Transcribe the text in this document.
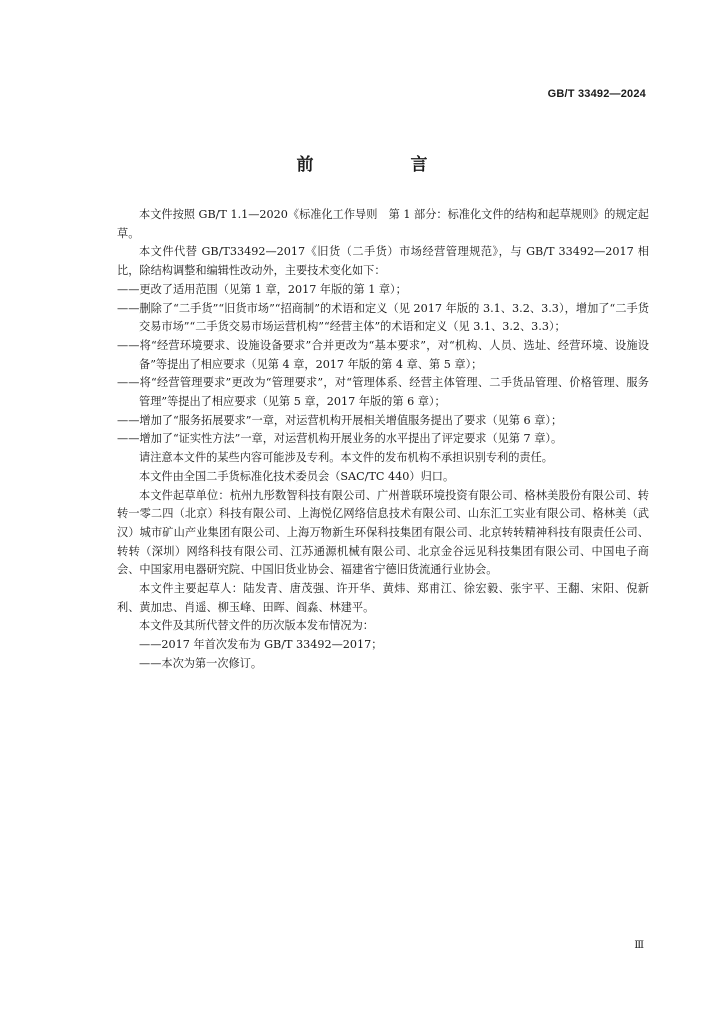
GB/T 33492—2024
前　言

本文件按照 GB/T 1.1—2020《标准化工作导则　第 1 部分：标准化文件的结构和起草规则》的规定起草。

本文件代替 GB/T33492—2017《旧货（二手货）市场经营管理规范》，与 GB/T 33492—2017 相比，除结构调整和编辑性改动外，主要技术变化如下：

——更改了适用范围（见第 1 章，2017 年版的第 1 章）；

——删除了“二手货”“旧货市场”“招商制”的术语和定义（见 2017 年版的 3.1、3.2、3.3），增加了“二手货交易市场”“二手货交易市场运营机构”“经营主体”的术语和定义（见 3.1、3.2、3.3）；

——将“经营环境要求、设施设备要求”合并更改为“基本要求”，对“机构、人员、选址、经营环境、设施设备”等提出了相应要求（见第 4 章，2017 年版的第 4 章、第 5 章）；

——将“经营管理要求”更改为“管理要求”，对“管理体系、经营主体管理、二手货品管理、价格管理、服务管理”等提出了相应要求（见第 5 章，2017 年版的第 6 章）；

——增加了“服务拓展要求”一章，对运营机构开展相关增值服务提出了要求（见第 6 章）；

——增加了“证实性方法”一章，对运营机构开展业务的水平提出了评定要求（见第 7 章）。

请注意本文件的某些内容可能涉及专利。本文件的发布机构不承担识别专利的责任。

本文件由全国二手货标准化技术委员会（SAC/TC 440）归口。

本文件起草单位：杭州九彤数智科技有限公司、广州普联环境投资有限公司、格林美股份有限公司、转转一零二四（北京）科技有限公司、上海悦亿网络信息技术有限公司、山东汇工实业有限公司、格林美（武汉）城市矿山产业集团有限公司、上海万物新生环保科技集团有限公司、北京转转精神科技有限责任公司、转转（深圳）网络科技有限公司、江苏通源机械有限公司、北京金谷远见科技集团有限公司、中国电子商会、中国家用电器研究院、中国旧货业协会、福建省宁德旧货流通行业协会。

本文件主要起草人：陆发青、唐茂强、许开华、黄炜、郑甫江、徐宏毅、张宇平、王翻、宋阳、倪新利、黄加忠、肖遥、柳玉峰、田晖、阎淼、林建平。

本文件及其所代替文件的历次版本发布情况为：

——2017 年首次发布为 GB/T 33492—2017；

——本次为第一次修订。

Ⅲ
